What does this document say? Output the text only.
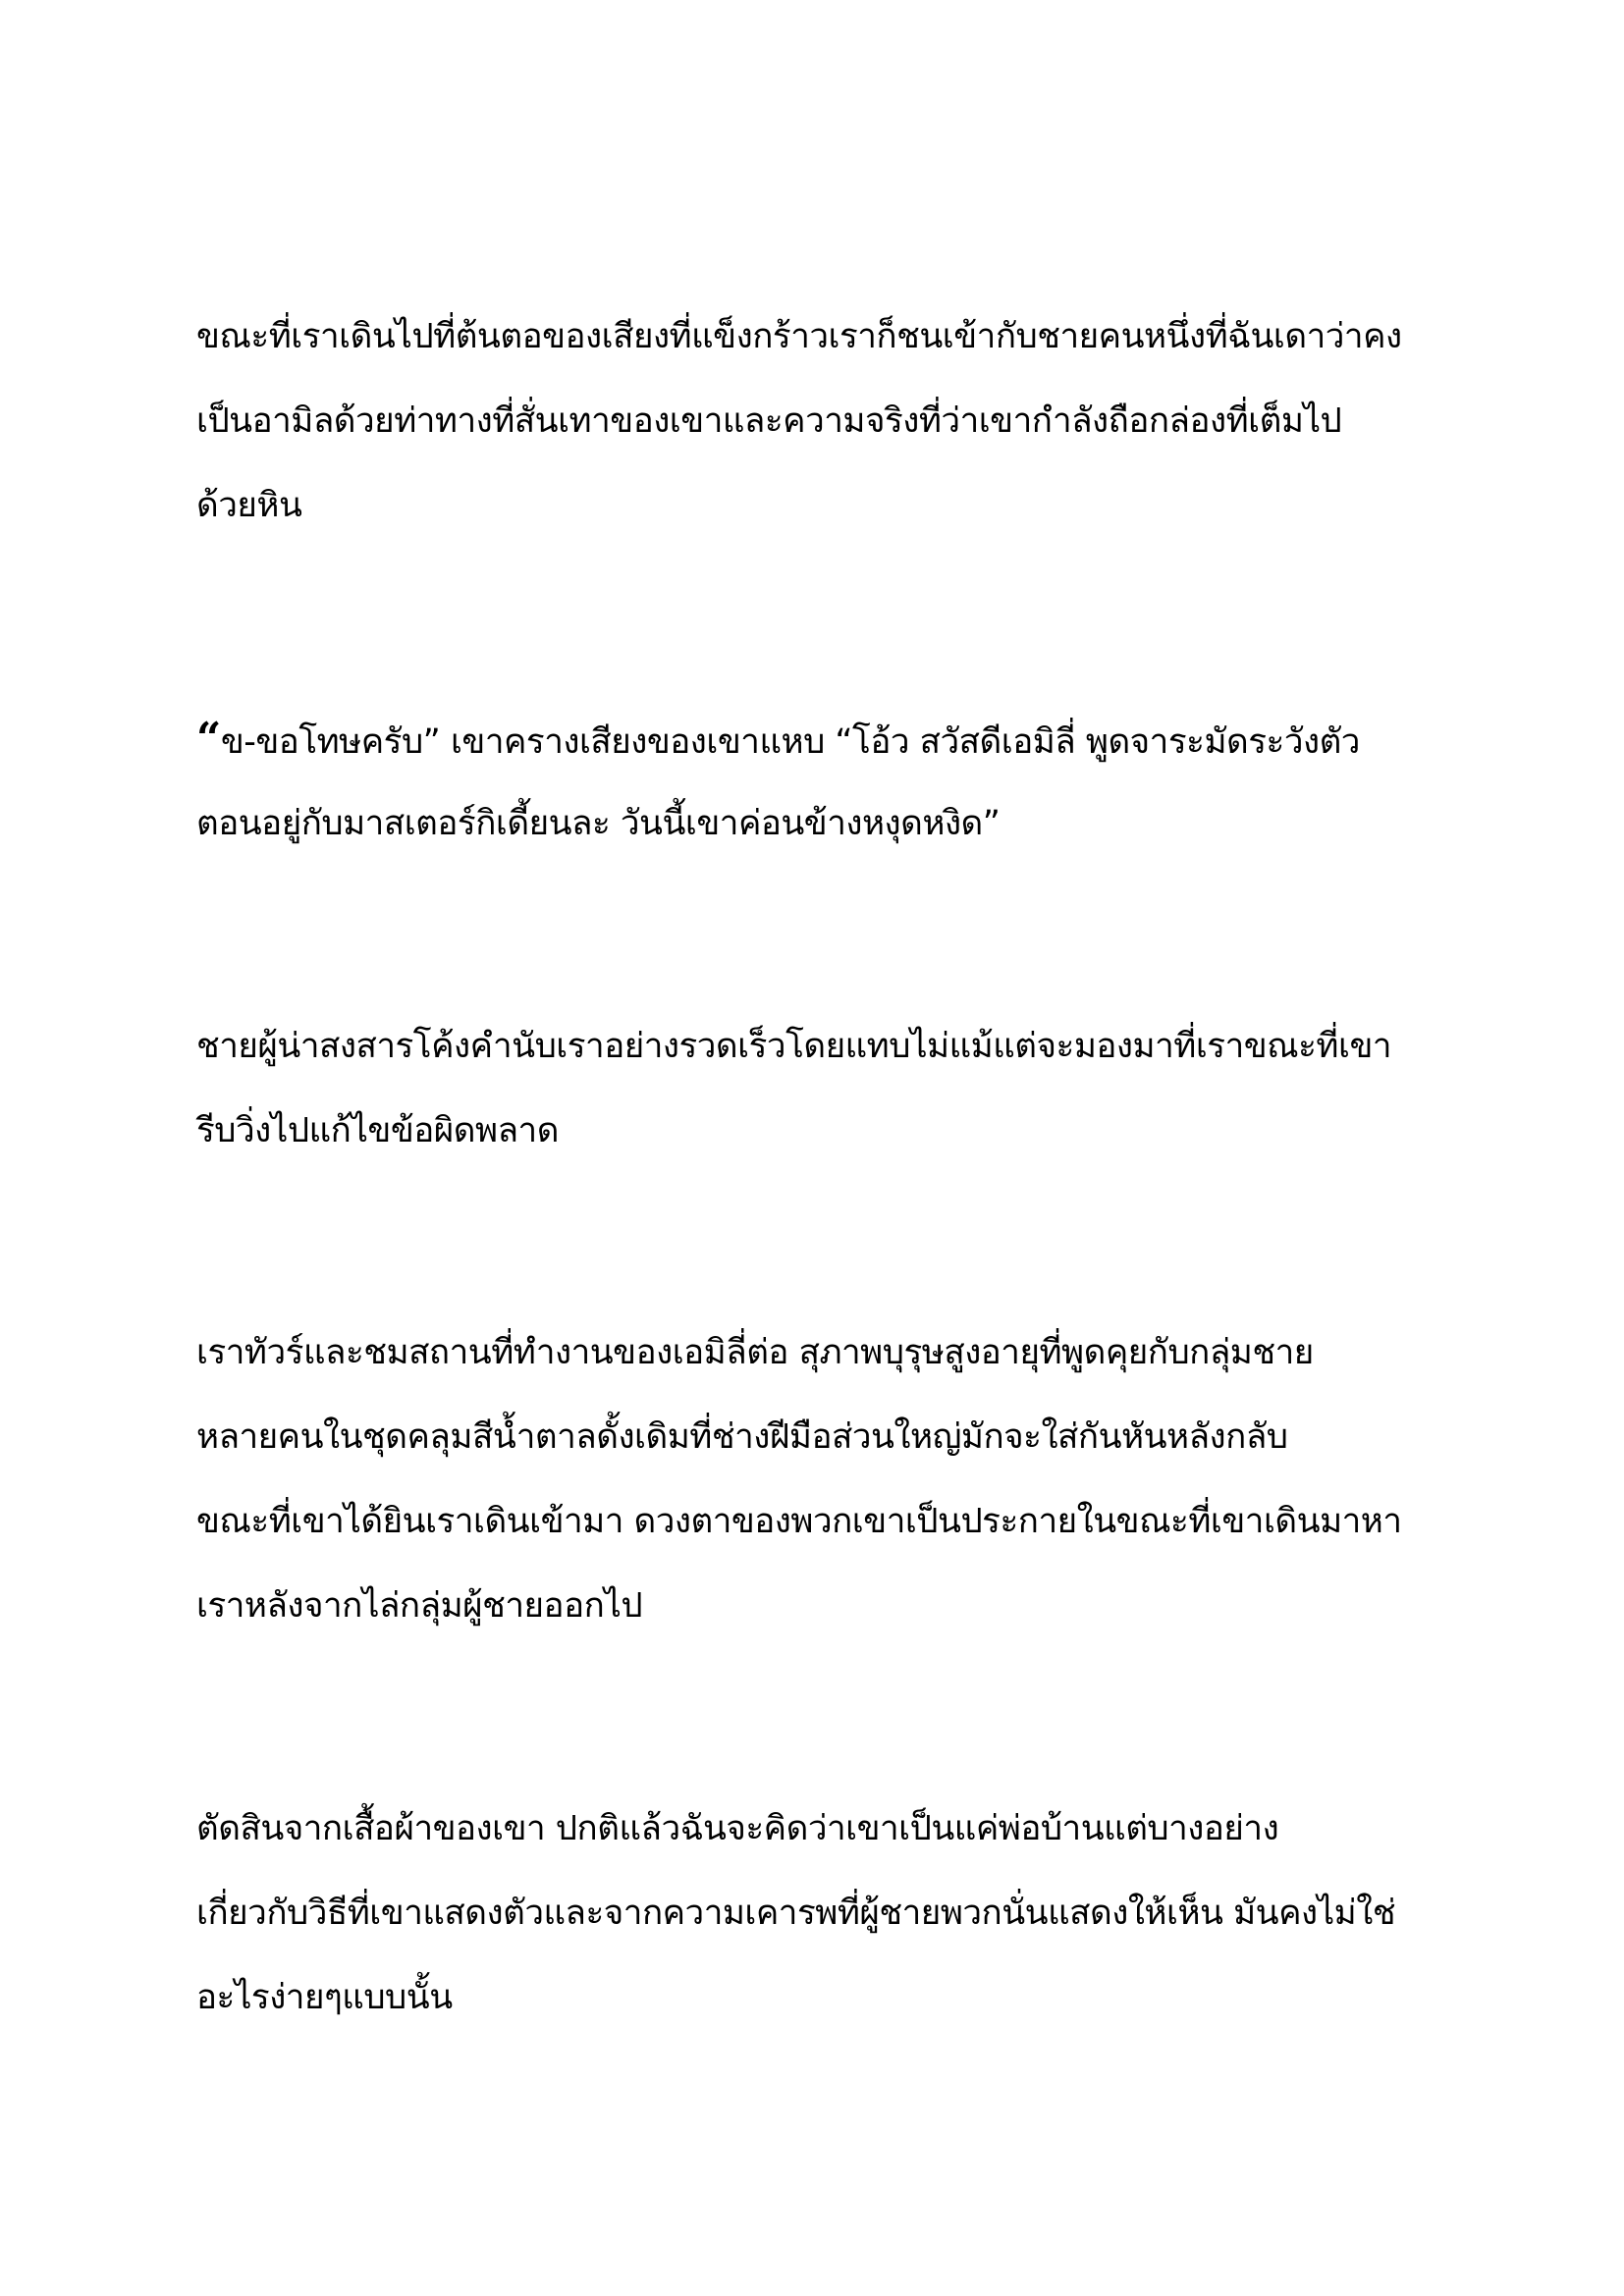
ขณะที่เราเดินไปที่ต้นตอของเสียงที่แข็งกร้าวเราก็ชนเข้ากับชายคนหนึ่งที่ฉันเดาว่าคง
เป็นอามิลด้วยท่าทางที่สั่นเทาของเขาและความจริงที่ว่าเขากำลังถือกล่องที่เต็มไป
ด้วยหิน

“ข-ขอโทษครับ” เขาครางเสียงของเขาแหบ “โอ้ว สวัสดีเอมิลี่ พูดจาระมัดระวังตัว
ตอนอยู่กับมาสเตอร์กิเดี้ยนละ วันนี้เขาค่อนข้างหงุดหงิด”

ชายผู้น่าสงสารโค้งคำนับเราอย่างรวดเร็วโดยแทบไม่แม้แต่จะมองมาที่เราขณะที่เขา
รีบวิ่งไปแก้ไขข้อผิดพลาด

เราทัวร์และชมสถานที่ทำงานของเอมิลี่ต่อ สุภาพบุรุษสูงอายุที่พูดคุยกับกลุ่มชาย
หลายคนในชุดคลุมสีน้ำตาลดั้งเดิมที่ช่างฝีมือส่วนใหญ่มักจะใส่กันหันหลังกลับ
ขณะที่เขาได้ยินเราเดินเข้ามา ดวงตาของพวกเขาเป็นประกายในขณะที่เขาเดินมาหา
เราหลังจากไล่กลุ่มผู้ชายออกไป

ตัดสินจากเสื้อผ้าของเขา ปกติแล้วฉันจะคิดว่าเขาเป็นแค่พ่อบ้านแต่บางอย่าง
เกี่ยวกับวิธีที่เขาแสดงตัวและจากความเคารพที่ผู้ชายพวกนั่นแสดงให้เห็น มันคงไม่ใช่
อะไรง่ายๆแบบนั้น
